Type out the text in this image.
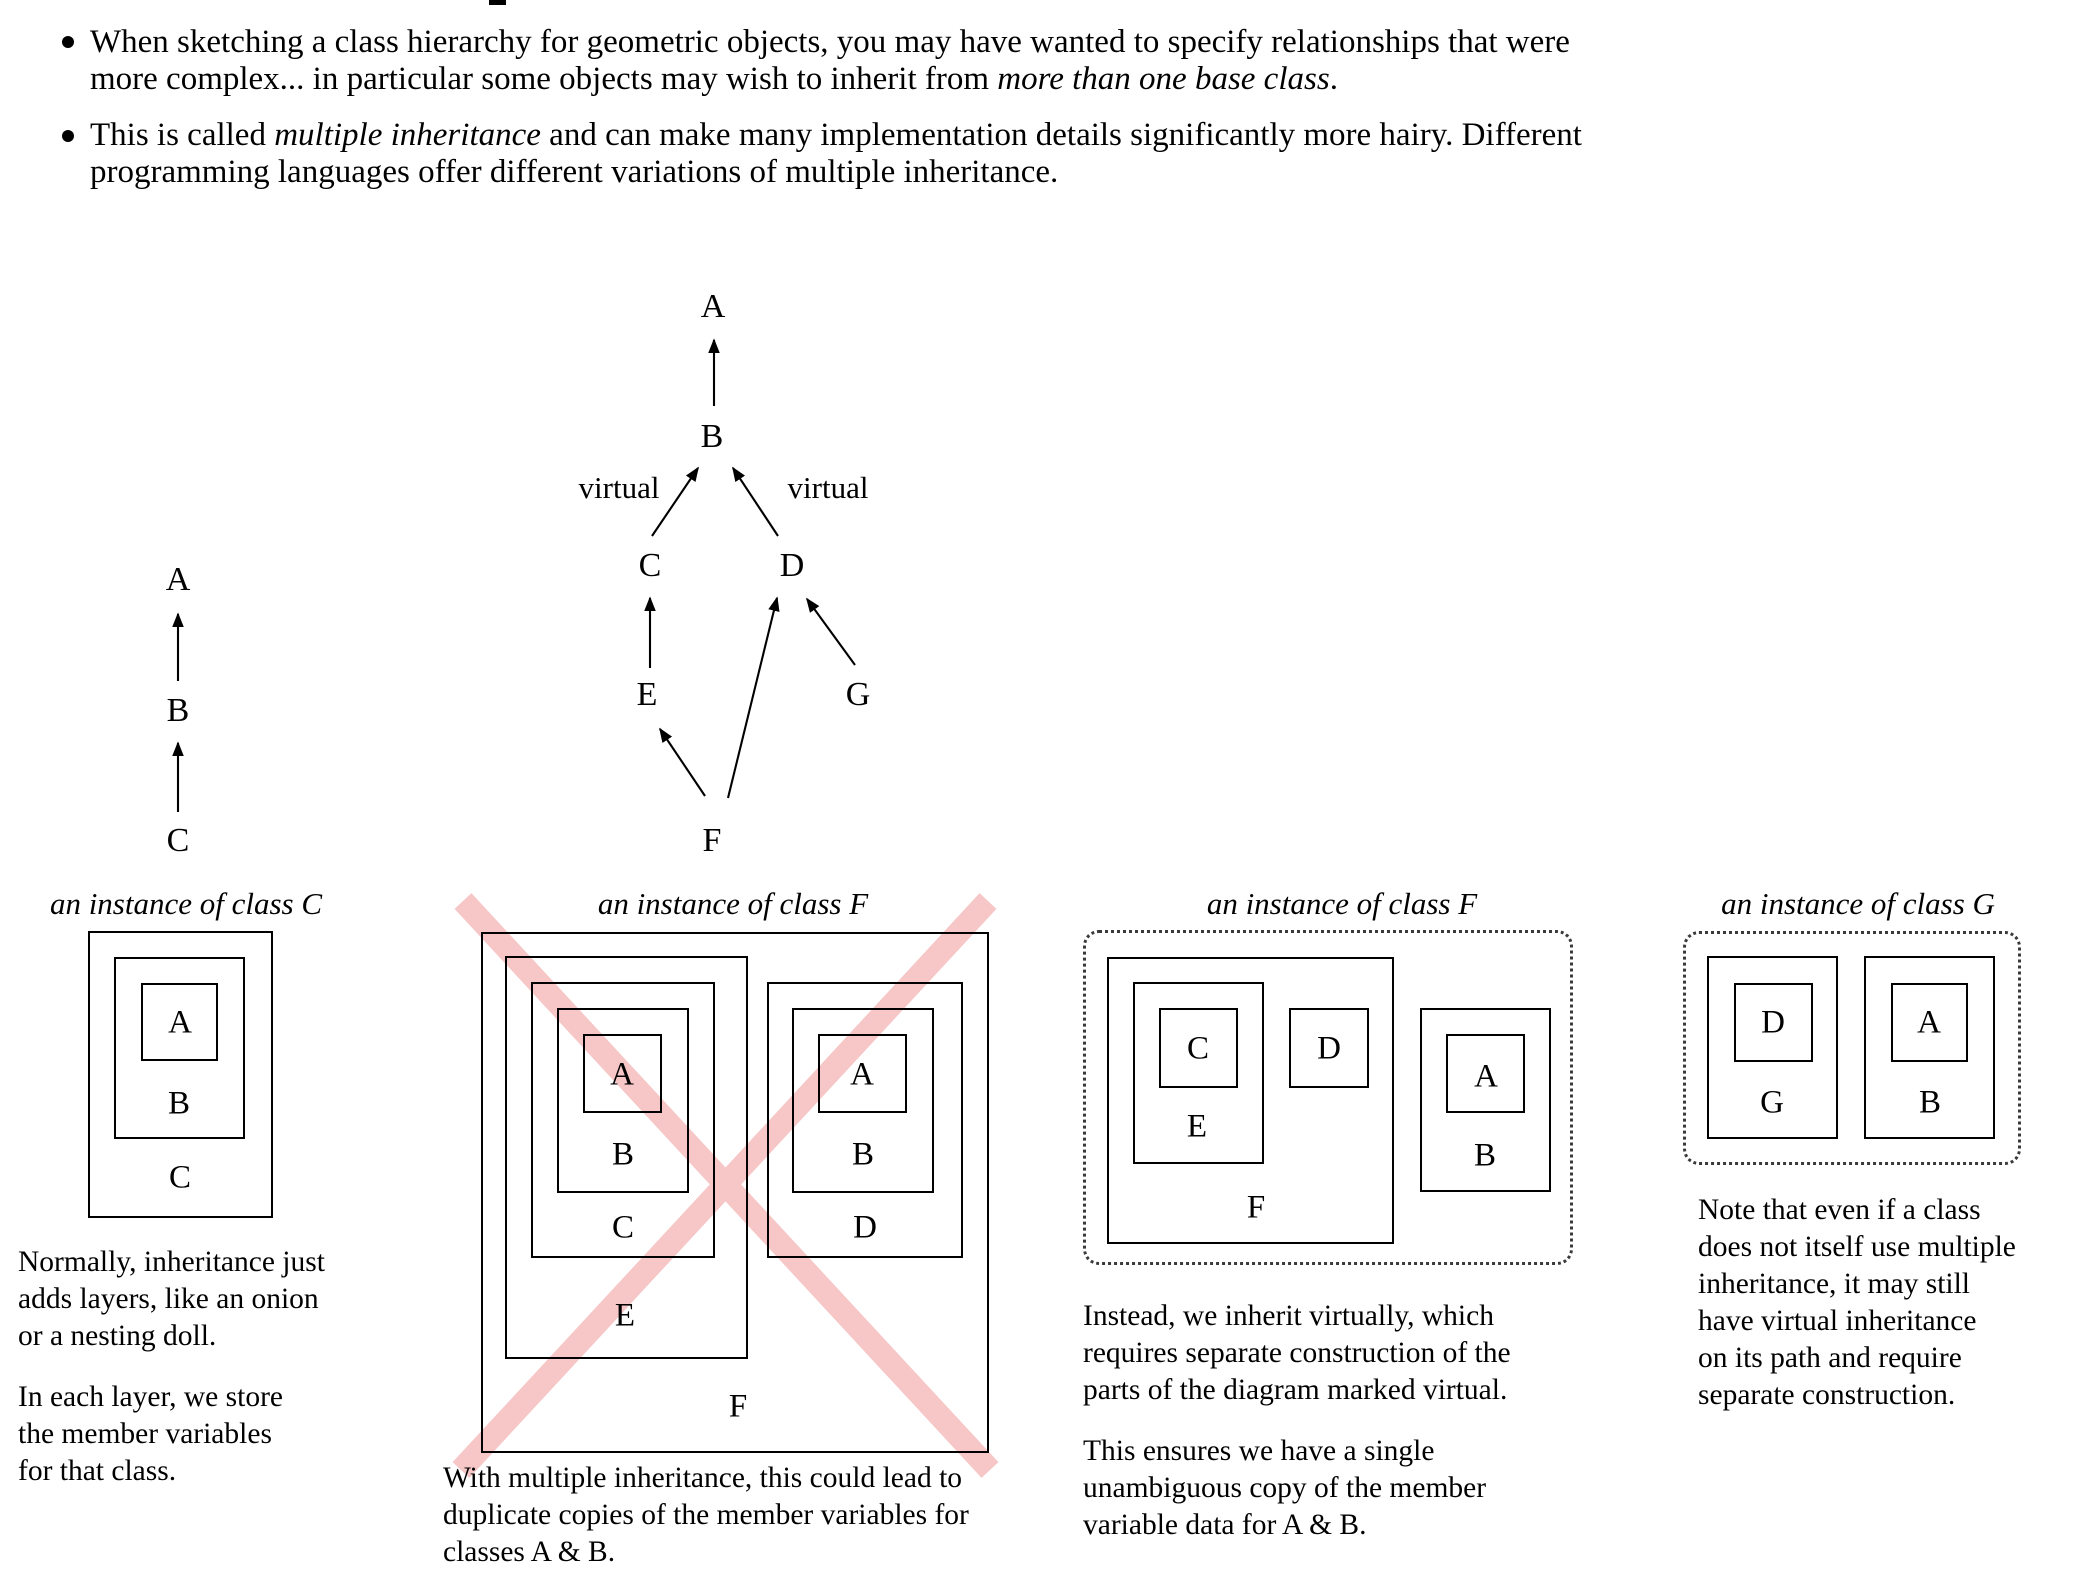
When sketching a class hierarchy for geometric objects, you may have wanted to specify relationships that were
more complex... in particular some objects may wish to inherit from more than one base class.
This is called multiple inheritance and can make many implementation details significantly more hairy. Different
programming languages offer different variations of multiple inheritance.
A
B
C
A
B
C	D
E	G
F
virtual	virtual
an instance of class C	an instance of class F	an instance of class F	an instance of class G
A
B
C
A
B
C
A
B
D
E
F
C	D
E
F
A
B
D
G
A
B
Normally, inheritance just
adds layers, like an onion
or a nesting doll.
In each layer, we store
the member variables
for that class.	With multiple inheritance, this could lead to
duplicate copies of the member variables for
classes A & B.
Instead, we inherit virtually, which
requires separate construction of the
parts of the diagram marked virtual.
This ensures we have a single
unambiguous copy of the member
variable data for A & B.
Note that even if a class
does not itself use multiple
inheritance, it may still
have virtual inheritance
on its path and require
separate construction.
